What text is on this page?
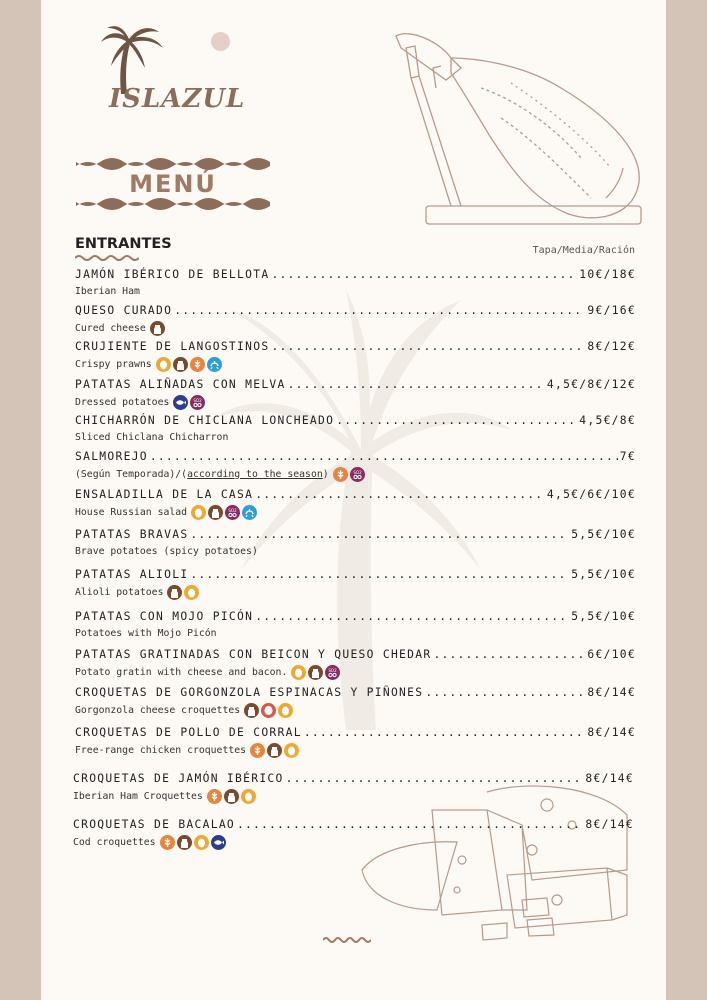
ISLAZUL
MENÚ
ENTRANTES	Tapa/Media/Ración
JAMÓN IBÉRICO DE BELLOTA .....	10€/18€
Iberian Ham
QUESO CURADO .....	9€/16€
Cured cheese
CRUJIENTE DE LANGOSTINOS .....	8€/12€
Crispy prawns
PATATAS ALIÑADAS CON MELVA .....	4,5€/8€/12€
Dressed potatoes	SO2
CHICHARRÓN DE CHICLANA LONCHEADO .....	4,5€/8€
Sliced Chiclana Chicharron
SALMOREJO .....	7€
(Según Temporada)/( according to the season )	SO2
ENSALADILLA DE LA CASA .....	4,5€/6€/10€
House Russian salad	SO2
PATATAS BRAVAS .....	5,5€/10€
Brave potatoes (spicy potatoes)
PATATAS ALIOLI .....	5,5€/10€
Alioli potatoes
PATATAS CON MOJO PICÓN .....	5,5€/10€
Potatoes with Mojo Picón
PATATAS GRATINADAS CON BEICON Y QUESO CHEDAR .....	6€/10€
Potato gratin with cheese and bacon.	SO2
CROQUETAS DE GORGONZOLA ESPINACAS Y PIÑONES .....	8€/14€
Gorgonzola cheese croquettes
CROQUETAS DE POLLO DE CORRAL .....	8€/14€
Free-range chicken croquettes
CROQUETAS DE JAMÓN IBÉRICO .....	8€/14€
Iberian Ham Croquettes
CROQUETAS DE BACALAO .....	8€/14€
Cod croquettes
